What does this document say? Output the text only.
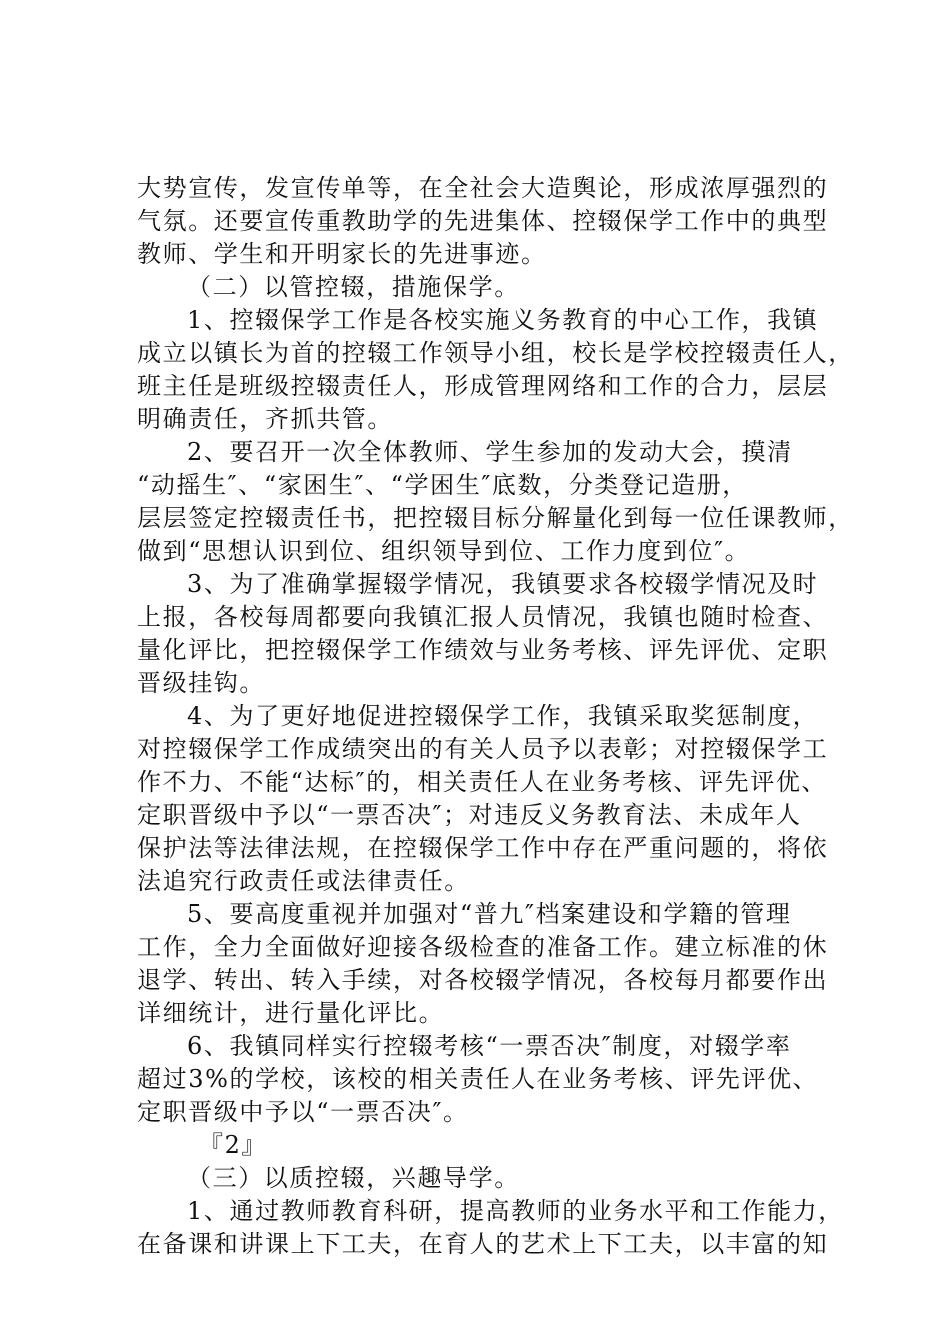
大势宣传，发宣传单等，在全社会大造舆论，形成浓厚强烈的
气氛。还要宣传重教助学的先进集体、控辍保学工作中的典型
教师、学生和开明家长的先进事迹。
（二）以管控辍，措施保学。
1、控辍保学工作是各校实施义务教育的中心工作，我镇
成立以镇长为首的控辍工作领导小组，校长是学校控辍责任人，
班主任是班级控辍责任人，形成管理网络和工作的合力，层层
明确责任，齐抓共管。
2、要召开一次全体教师、学生参加的发动大会，摸清
“动摇生″、“家困生″、“学困生″底数，分类登记造册，
层层签定控辍责任书，把控辍目标分解量化到每一位任课教师，
做到“思想认识到位、组织领导到位、工作力度到位″。
3、为了准确掌握辍学情况，我镇要求各校辍学情况及时
上报，各校每周都要向我镇汇报人员情况，我镇也随时检查、
量化评比，把控辍保学工作绩效与业务考核、评先评优、定职
晋级挂钩。
4、为了更好地促进控辍保学工作，我镇采取奖惩制度，
对控辍保学工作成绩突出的有关人员予以表彰；对控辍保学工
作不力、不能“达标″的，相关责任人在业务考核、评先评优、
定职晋级中予以“一票否决″；对违反义务教育法、未成年人
保护法等法律法规，在控辍保学工作中存在严重问题的，将依
法追究行政责任或法律责任。
5、要高度重视并加强对“普九″档案建设和学籍的管理
工作，全力全面做好迎接各级检查的准备工作。建立标准的休
退学、转出、转入手续，对各校辍学情况，各校每月都要作出
详细统计，进行量化评比。
6、我镇同样实行控辍考核“一票否决″制度，对辍学率
超过3%的学校，该校的相关责任人在业务考核、评先评优、
定职晋级中予以“一票否决″。
『2』
（三）以质控辍，兴趣导学。
1、通过教师教育科研，提高教师的业务水平和工作能力，
在备课和讲课上下工夫，在育人的艺术上下工夫，以丰富的知
